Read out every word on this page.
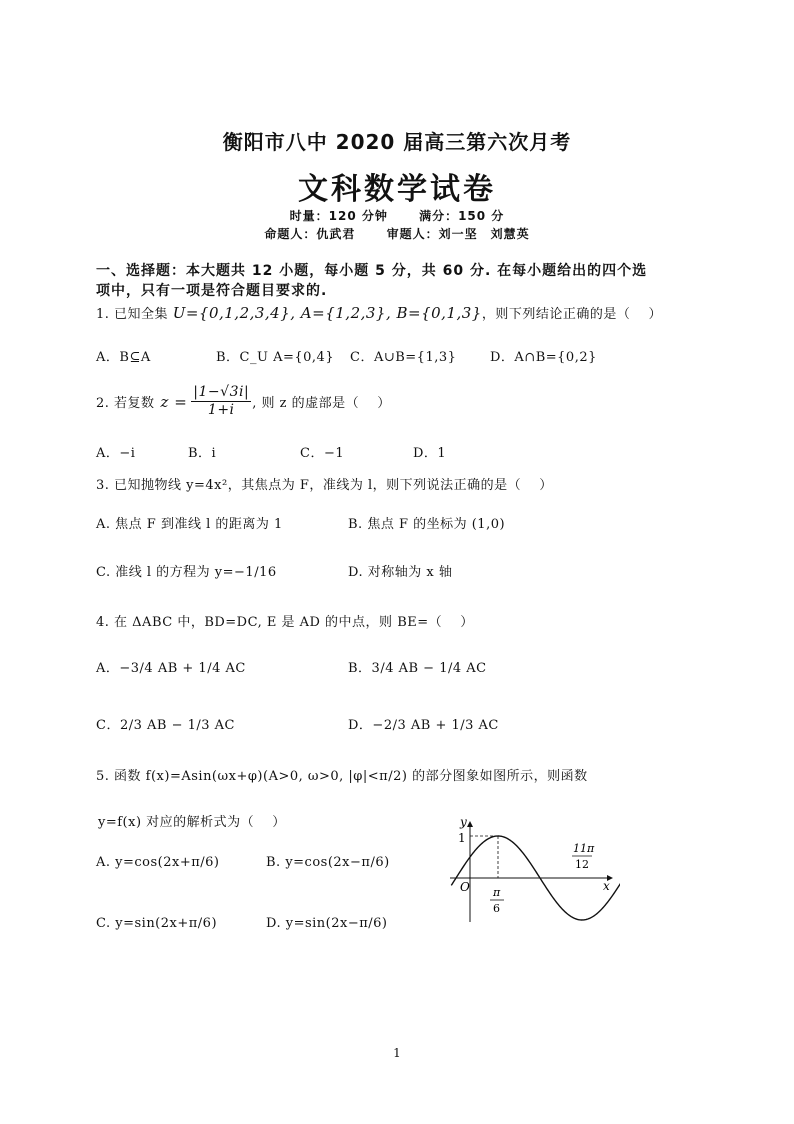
衡阳市八中 2020 届高三第六次月考
文科数学试卷
时量：120 分钟　　 满分：150 分
命题人：仇武君　　 审题人：刘一坚　刘慧英
一、选择题：本大题共 12 小题，每小题 5 分，共 60 分. 在每小题给出的四个选
项中，只有一项是符合题目要求的.
1. 已知全集 U={0,1,2,3,4}, A={1,2,3}, B={0,1,3}，则下列结论正确的是（　 ）
A．B⊆A	B．C_U A={0,4} C．A∪B={1,3}	D．A∩B={0,2}
2. 若复数 $z = \frac{|1-√3i|}{1+i}$ , 则 z 的虚部是（　 ）
A．−i	B．i	C．−1	D．1
3. 已知抛物线 y=4x²，其焦点为 F，准线为 l，则下列说法正确的是（　 ）
A. 焦点 F 到准线 l 的距离为 1	B. 焦点 F 的坐标为 (1,0)
C. 准线 l 的方程为 y=−1/16	D. 对称轴为 x 轴
4. 在 ΔABC 中，BD=DC, E 是 AD 的中点，则 BE=（　 ）
A．−3/4 AB + 1/4 AC	B．3/4 AB − 1/4 AC
C．2/3 AB − 1/3 AC	D．−2/3 AB + 1/3 AC
5. 函数 f(x)=Asin(ωx+φ)(A>0, ω>0, |φ|<π/2) 的部分图象如图所示，则函数
y=f(x) 对应的解析式为（　 ）
A. y=cos(2x+π/6)	B. y=cos(2x−π/6)
C. y=sin(2x+π/6)	D. y=sin(2x−π/6)
y
x
O
1
π
6
11π
12
1
